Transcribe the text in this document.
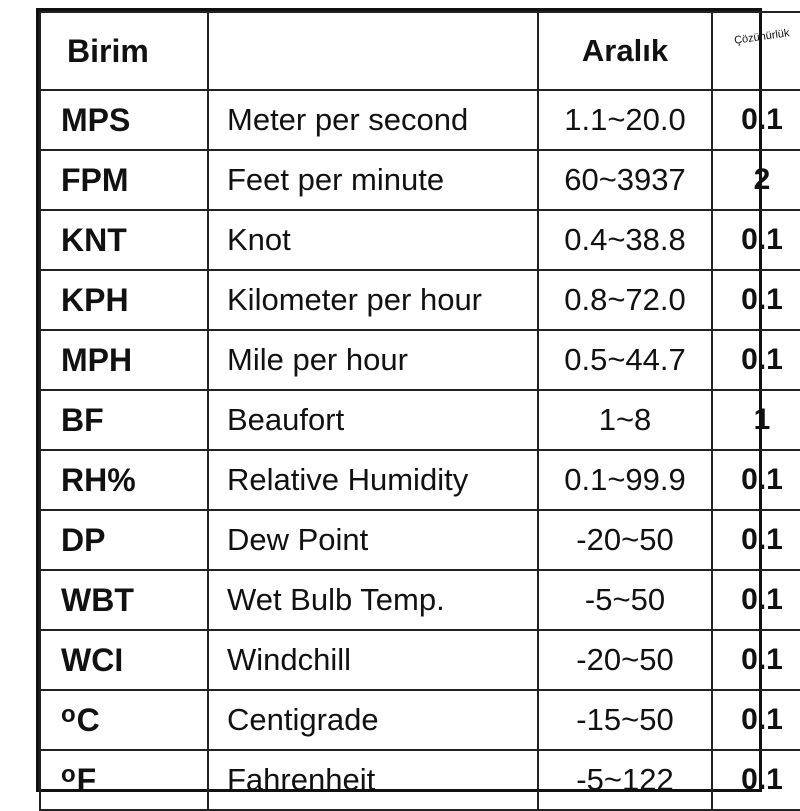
Birim		Aralık	Çözünürlük
MPS	Meter per second	1.1~20.0	0.1
FPM	Feet per minute	60~3937	2
KNT	Knot	0.4~38.8	0.1
KPH	Kilometer per hour	0.8~72.0	0.1
MPH	Mile per hour	0.5~44.7	0.1
BF	Beaufort	1~8	1
RH%	Relative Humidity	0.1~99.9	0.1
DP	Dew Point	-20~50	0.1
WBT	Wet Bulb Temp.	-5~50	0.1
WCI	Windchill	-20~50	0.1
$^o$C	Centigrade	-15~50	0.1
$^o$F	Fahrenheit	-5~122	0.1
